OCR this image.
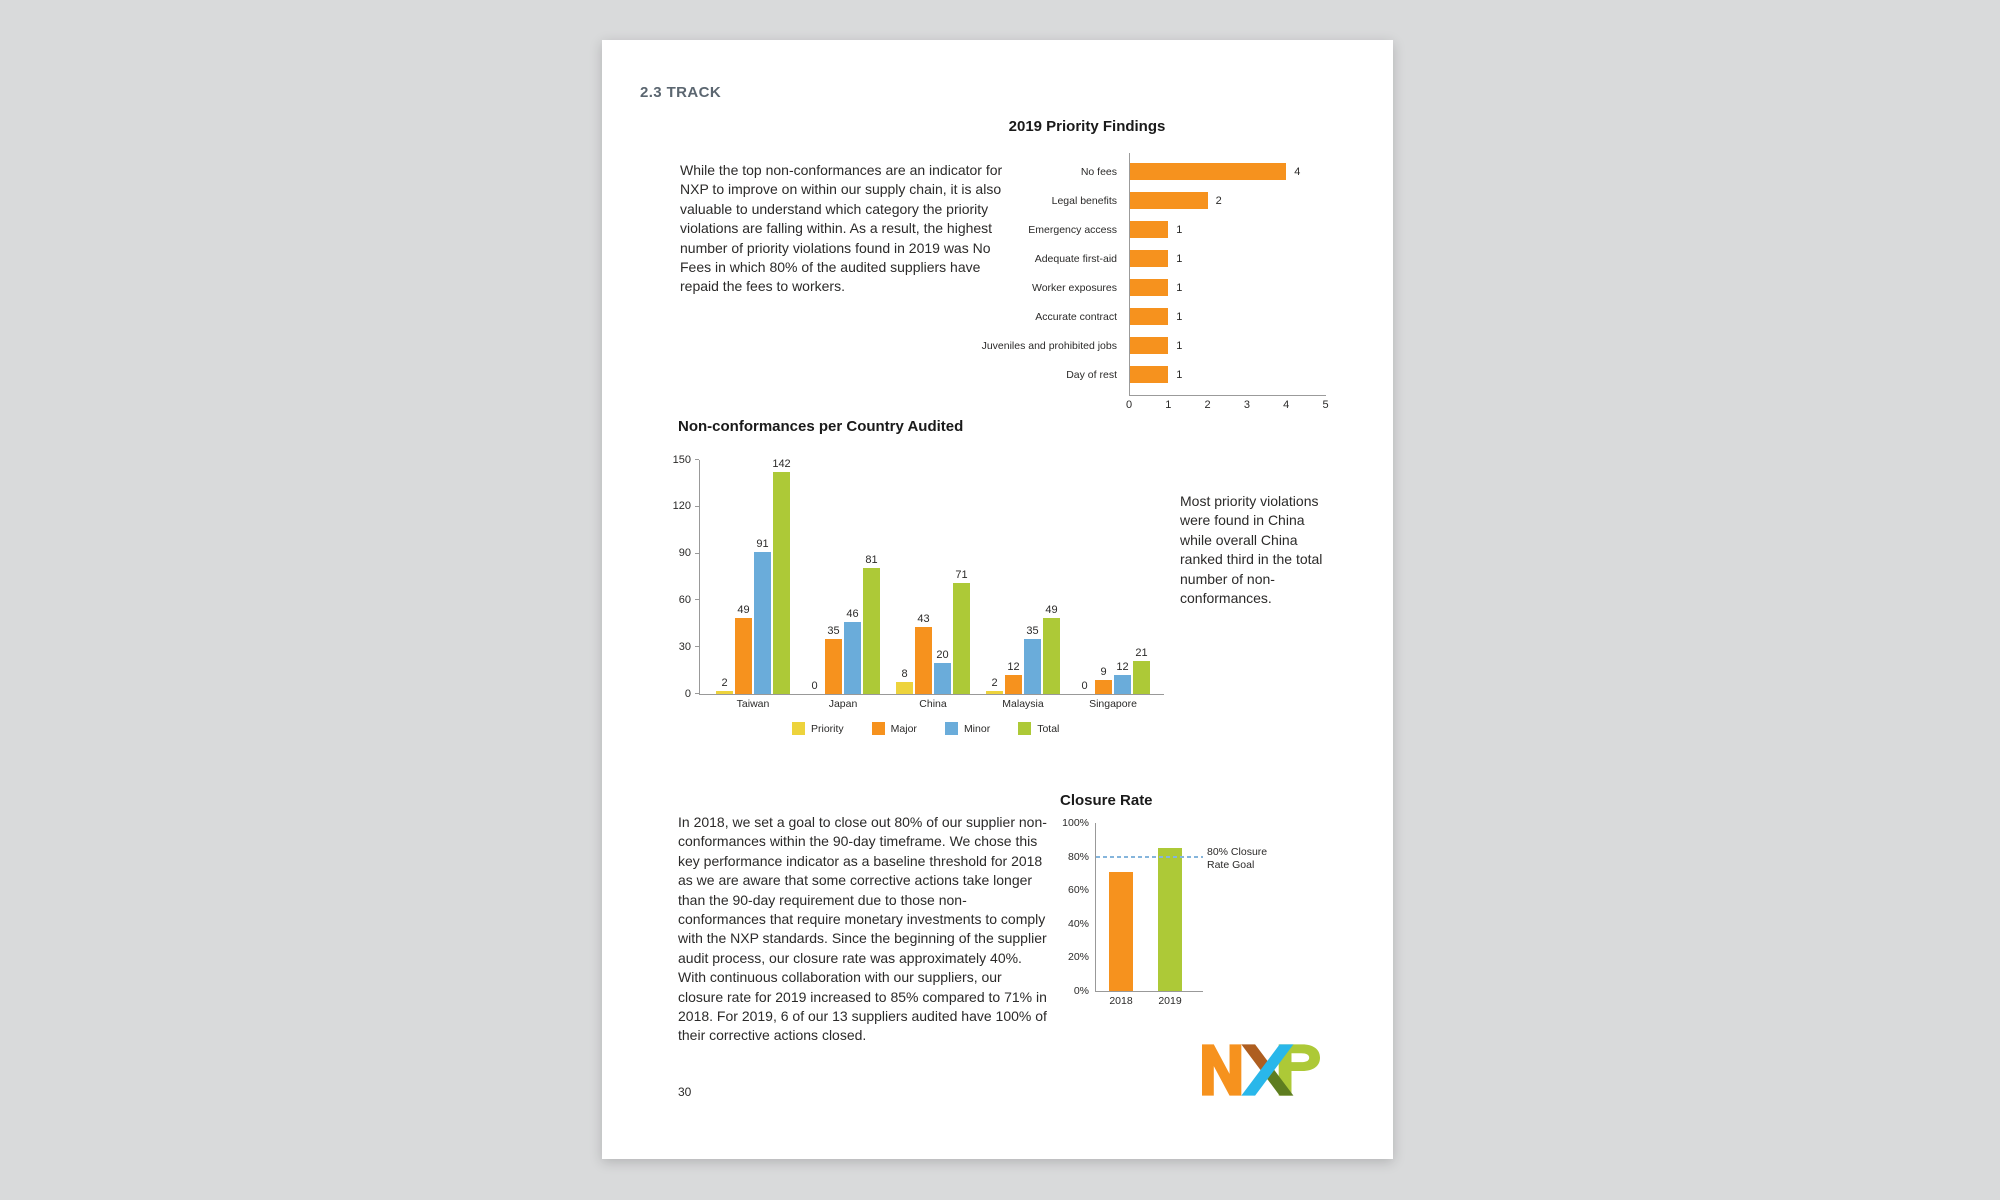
2.3 TRACK
2019 Priority Findings
No fees	4
Legal benefits	2
Emergency access	1
Adequate first-aid	1
Worker exposures	1
Accurate contract	1
Juveniles and prohibited jobs	1
Day of rest	1
0	1	2	3	4	5
While the top non-conformances are an indicator for NXP to improve on within our supply chain, it is also valuable to understand which category the priority violations are falling within. As a result, the highest number of priority violations found in 2019 was No Fees in which 80% of the audited suppliers have repaid the fees to workers.
Non-conformances per Country Audited
0
30
60
90
120
150
2
49
91
142
Taiwan
0
35
46
81
Japan
8
43
20
71
China
2
12
35
49
Malaysia
0
9 12
21
Singapore
Priority	Major	Minor	Total
Most priority violations were found in China while overall China ranked third in the total number of non-conformances.
In 2018, we set a goal to close out 80% of our supplier non-conformances within the 90-day timeframe. We chose this key performance indicator as a baseline threshold for 2018 as we are aware that some corrective actions take longer than the 90-day requirement due to those non-conformances that require monetary investments to comply with the NXP standards. Since the beginning of the supplier audit process, our closure rate was approximately 40%. With continuous collaboration with our suppliers, our closure rate for 2019 increased to 85% compared to 71% in 2018. For 2019, 6 of our 13 suppliers audited have 100% of their corrective actions closed.
Closure Rate
0%
20%
40%
60%
80%
100%
2018 2019
80% Closure Rate Goal
30
